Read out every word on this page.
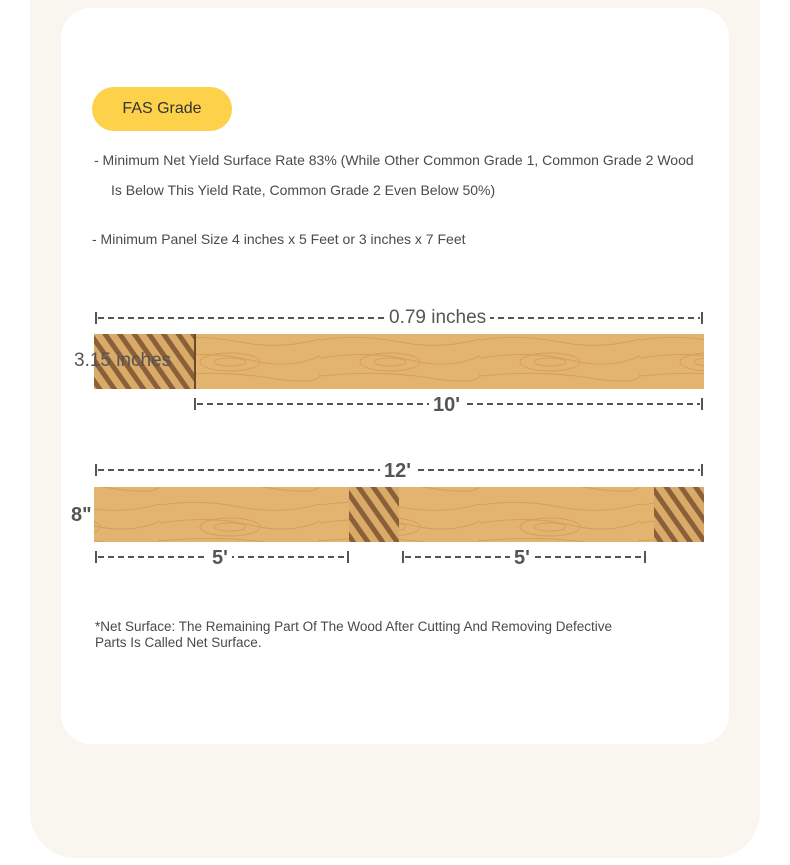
FAS Grade
- Minimum Net Yield Surface Rate 83% (While Other Common Grade 1, Common Grade 2 Wood
Is Below This Yield Rate, Common Grade 2 Even Below 50%)
- Minimum Panel Size 4 inches x 5 Feet or 3 inches x 7 Feet
0.79 inches
3.15 inches
10'
12'
8"
5'	5'
*Net Surface: The Remaining Part Of The Wood After Cutting And Removing Defective Parts Is Called Net Surface.
